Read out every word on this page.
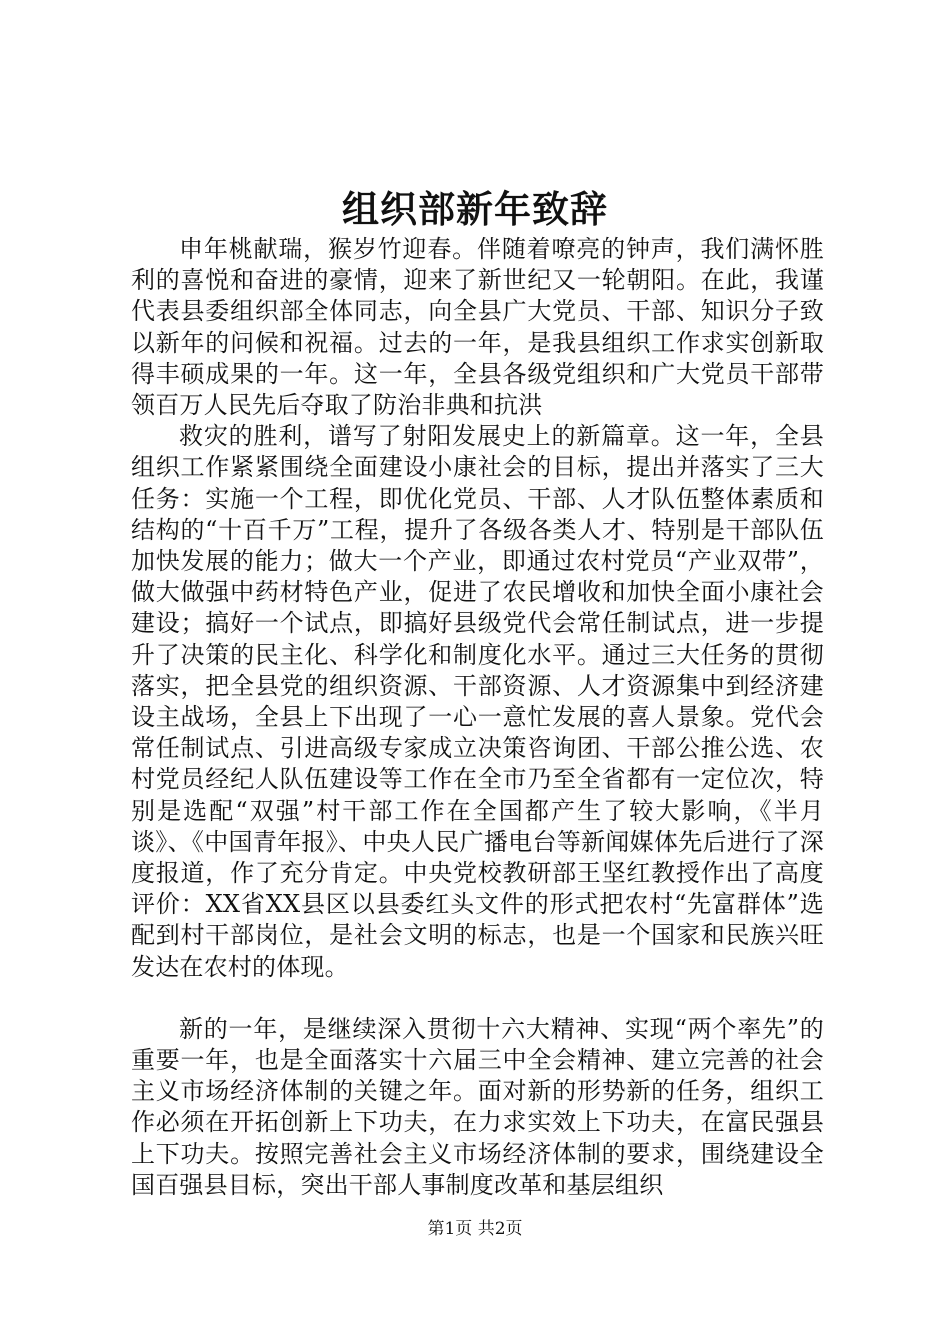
组织部新年致辞

申年桃献瑞，猴岁竹迎春。伴随着嘹亮的钟声，我们满怀胜利的喜悦和奋进的豪情，迎来了新世纪又一轮朝阳。在此，我谨代表县委组织部全体同志，向全县广大党员、干部、知识分子致以新年的问候和祝福。过去的一年，是我县组织工作求实创新取得丰硕成果的一年。这一年，全县各级党组织和广大党员干部带领百万人民先后夺取了防治非典和抗洪

救灾的胜利，谱写了射阳发展史上的新篇章。这一年，全县组织工作紧紧围绕全面建设小康社会的目标，提出并落实了三大任务：实施一个工程，即优化党员、干部、人才队伍整体素质和结构的“十百千万”工程，提升了各级各类人才、特别是干部队伍加快发展的能力；做大一个产业，即通过农村党员“产业双带”，做大做强中药材特色产业，促进了农民增收和加快全面小康社会建设；搞好一个试点，即搞好县级党代会常任制试点，进一步提升了决策的民主化、科学化和制度化水平。通过三大任务的贯彻落实，把全县党的组织资源、干部资源、人才资源集中到经济建设主战场，全县上下出现了一心一意忙发展的喜人景象。党代会常任制试点、引进高级专家成立决策咨询团、干部公推公选、农村党员经纪人队伍建设等工作在全市乃至全省都有一定位次，特别是选配“双强”村干部工作在全国都产生了较大影响，《半月谈》、《中国青年报》、中央人民广播电台等新闻媒体先后进行了深度报道，作了充分肯定。中央党校教研部王坚红教授作出了高度评价：XX省XX县区以县委红头文件的形式把农村“先富群体”选配到村干部岗位，是社会文明的标志，也是一个国家和民族兴旺发达在农村的体现。

新的一年，是继续深入贯彻十六大精神、实现“两个率先”的重要一年，也是全面落实十六届三中全会精神、建立完善的社会主义市场经济体制的关键之年。面对新的形势新的任务，组织工作必须在开拓创新上下功夫，在力求实效上下功夫，在富民强县上下功夫。按照完善社会主义市场经济体制的要求，围绕建设全国百强县目标，突出干部人事制度改革和基层组织

第1页 共2页
